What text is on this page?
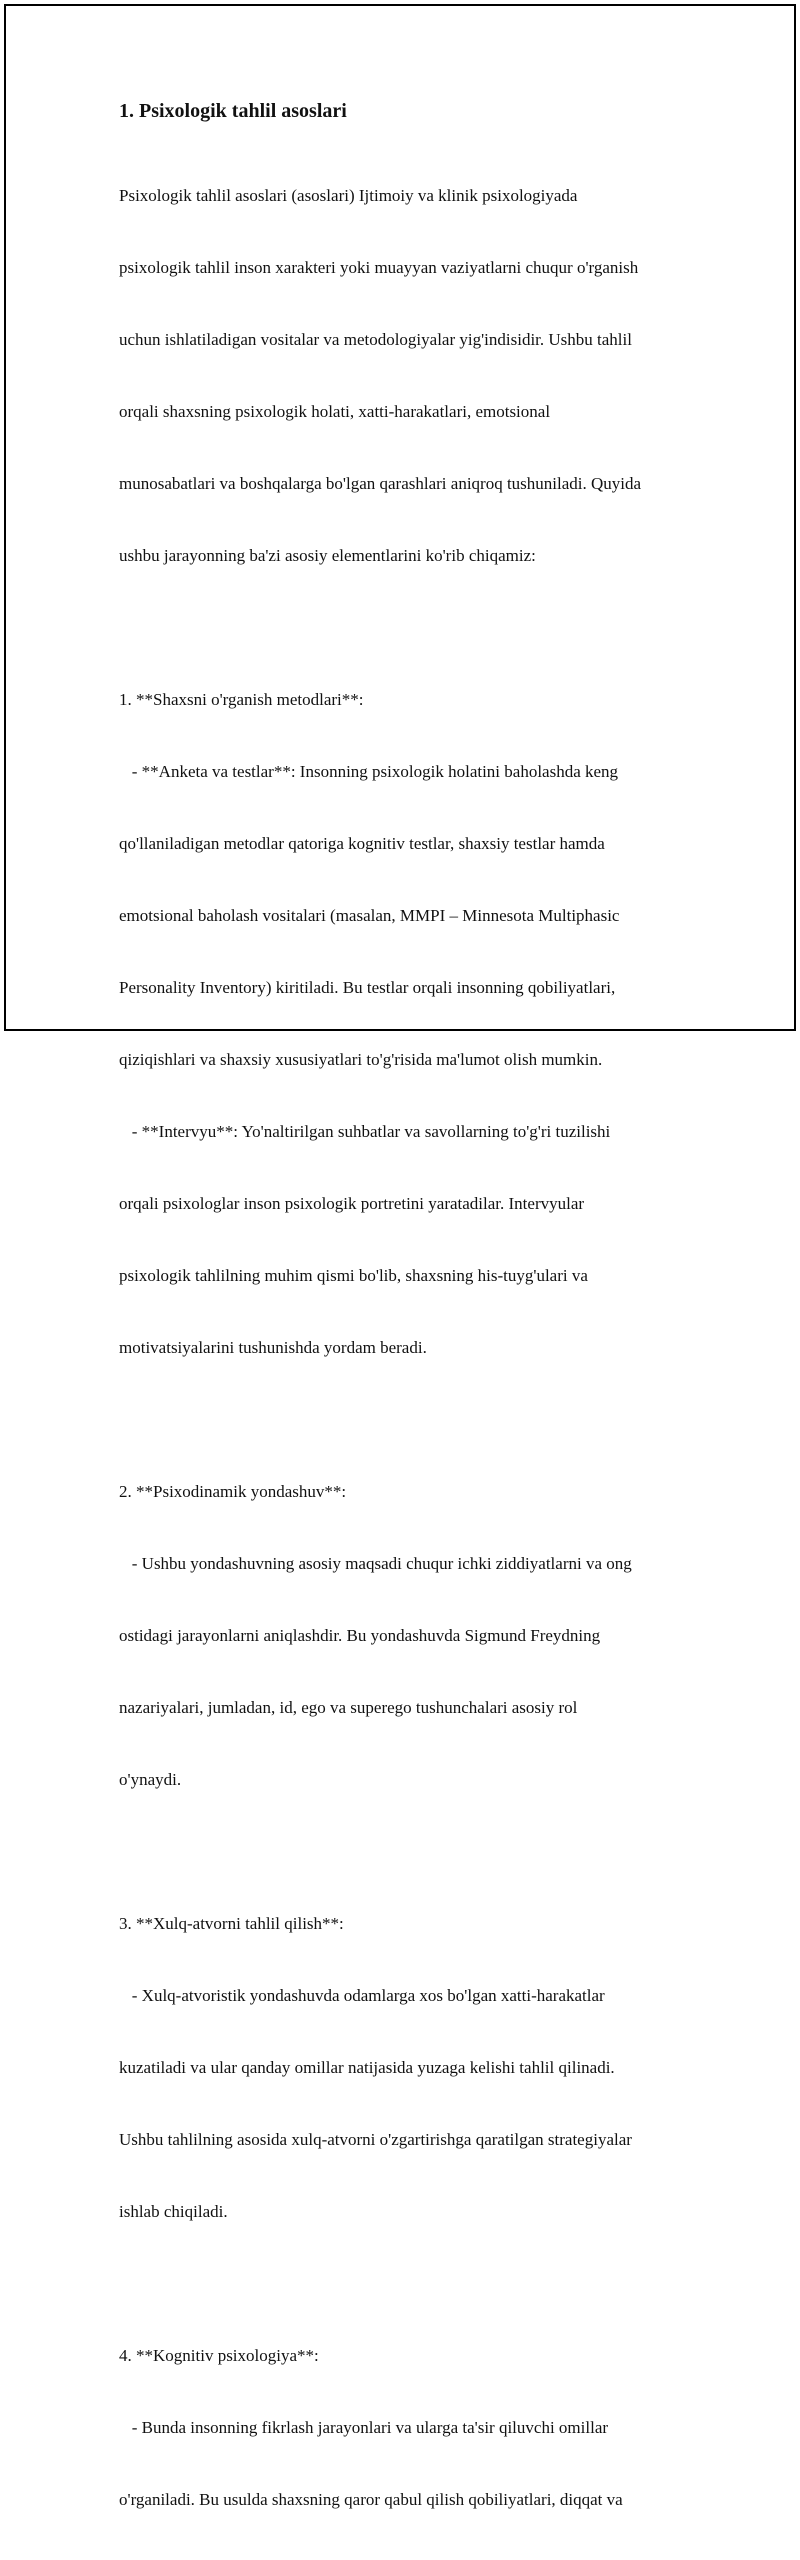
1. Psixologik tahlil asoslari

Psixologik tahlil asoslari (asoslari) Ijtimoiy va klinik psixologiyada

psixologik tahlil inson xarakteri yoki muayyan vaziyatlarni chuqur o'rganish

uchun ishlatiladigan vositalar va metodologiyalar yig'indisidir. Ushbu tahlil

orqali shaxsning psixologik holati, xatti-harakatlari, emotsional

munosabatlari va boshqalarga bo'lgan qarashlari aniqroq tushuniladi. Quyida

ushbu jarayonning ba'zi asosiy elementlarini ko'rib chiqamiz:

1. **Shaxsni o'rganish metodlari**:

- **Anketa va testlar**: Insonning psixologik holatini baholashda keng

qo'llaniladigan metodlar qatoriga kognitiv testlar, shaxsiy testlar hamda

emotsional baholash vositalari (masalan, MMPI – Minnesota Multiphasic

Personality Inventory) kiritiladi. Bu testlar orqali insonning qobiliyatlari,

qiziqishlari va shaxsiy xususiyatlari to'g'risida ma'lumot olish mumkin.

- **Intervyu**: Yo'naltirilgan suhbatlar va savollarning to'g'ri tuzilishi

orqali psixologlar inson psixologik portretini yaratadilar. Intervyular

psixologik tahlilning muhim qismi bo'lib, shaxsning his-tuyg'ulari va

motivatsiyalarini tushunishda yordam beradi.

2. **Psixodinamik yondashuv**:

- Ushbu yondashuvning asosiy maqsadi chuqur ichki ziddiyatlarni va ong

ostidagi jarayonlarni aniqlashdir. Bu yondashuvda Sigmund Freydning

nazariyalari, jumladan, id, ego va superego tushunchalari asosiy rol

o'ynaydi.

3. **Xulq-atvorni tahlil qilish**:

- Xulq-atvoristik yondashuvda odamlarga xos bo'lgan xatti-harakatlar

kuzatiladi va ular qanday omillar natijasida yuzaga kelishi tahlil qilinadi.

Ushbu tahlilning asosida xulq-atvorni o'zgartirishga qaratilgan strategiyalar

ishlab chiqiladi.

4. **Kognitiv psixologiya**:

- Bunda insonning fikrlash jarayonlari va ularga ta'sir qiluvchi omillar

o'rganiladi. Bu usulda shaxsning qaror qabul qilish qobiliyatlari, diqqat va
